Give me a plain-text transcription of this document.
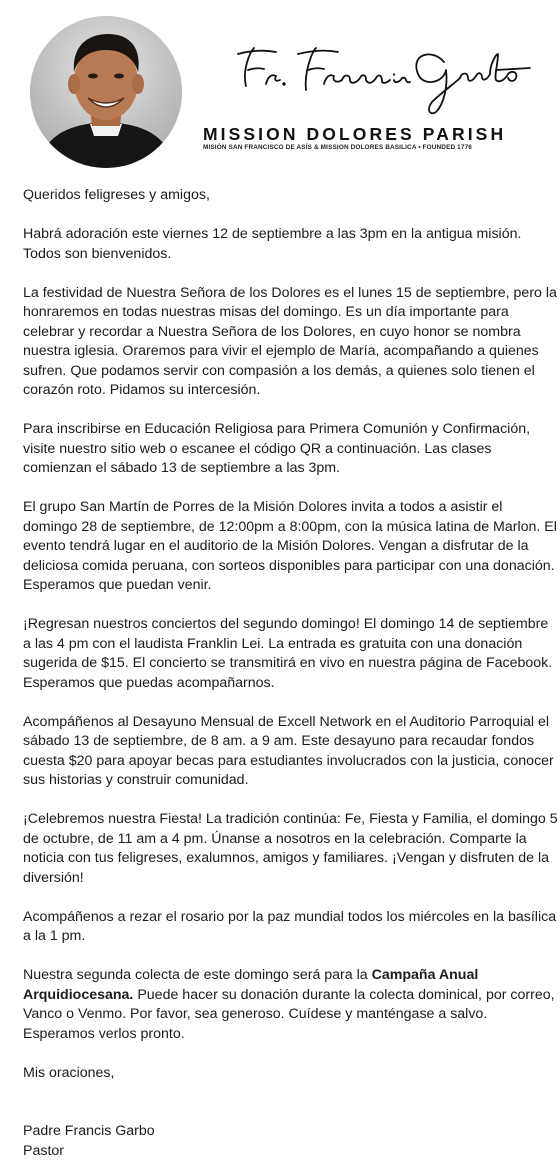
MISSION DOLORES PARISH
MISIÓN SAN FRANCISCO DE ASÍS & MISSION DOLORES BASILICA • FOUNDED 1776

Queridos feligreses y amigos,

Habrá adoración este viernes 12 de septiembre a las 3pm en la antigua misión. Todos son bienvenidos.

La festividad de Nuestra Señora de los Dolores es el lunes 15 de septiembre, pero la honraremos en todas nuestras misas del domingo. Es un día importante para celebrar y recordar a Nuestra Señora de los Dolores, en cuyo honor se nombra nuestra iglesia. Oraremos para vivir el ejemplo de María, acompañando a quienes sufren. Que podamos servir con compasión a los demás, a quienes solo tienen el corazón roto. Pidamos su intercesión.

Para inscribirse en Educación Religiosa para Primera Comunión y Confirmación, visite nuestro sitio web o escanee el código QR a continuación. Las clases comienzan el sábado 13 de septiembre a las 3pm.

El grupo San Martín de Porres de la Misión Dolores invita a todos a asistir el domingo 28 de septiembre, de 12:00pm a 8:00pm, con la música latina de Marlon. El evento tendrá lugar en el auditorio de la Misión Dolores. Vengan a disfrutar de la deliciosa comida peruana, con sorteos disponibles para participar con una donación. Esperamos que puedan venir.

¡Regresan nuestros conciertos del segundo domingo! El domingo 14 de septiembre a las 4 pm con el laudista Franklin Lei. La entrada es gratuita con una donación sugerida de $15. El concierto se transmitirá en vivo en nuestra página de Facebook. Esperamos que puedas acompañarnos.

Acompáñenos al Desayuno Mensual de Excell Network en el Auditorio Parroquial el sábado 13 de septiembre, de 8 am. a 9 am. Este desayuno para recaudar fondos cuesta $20 para apoyar becas para estudiantes involucrados con la justicia, conocer sus historias y construir comunidad.

¡Celebremos nuestra Fiesta! La tradición continúa: Fe, Fiesta y Familia, el domingo 5 de octubre, de 11 am a 4 pm. Únanse a nosotros en la celebración. Comparte la noticia con tus feligreses, exalumnos, amigos y familiares. ¡Vengan y disfruten de la diversión!

Acompáñenos a rezar el rosario por la paz mundial todos los miércoles en la basílica a la 1 pm.

Nuestra segunda colecta de este domingo será para la Campaña Anual Arquidiocesana. Puede hacer su donación durante la colecta dominical, por correo, Vanco o Venmo. Por favor, sea generoso. Cuídese y manténgase a salvo. Esperamos verlos pronto.

Mis oraciones,

Padre Francis Garbo
Pastor
